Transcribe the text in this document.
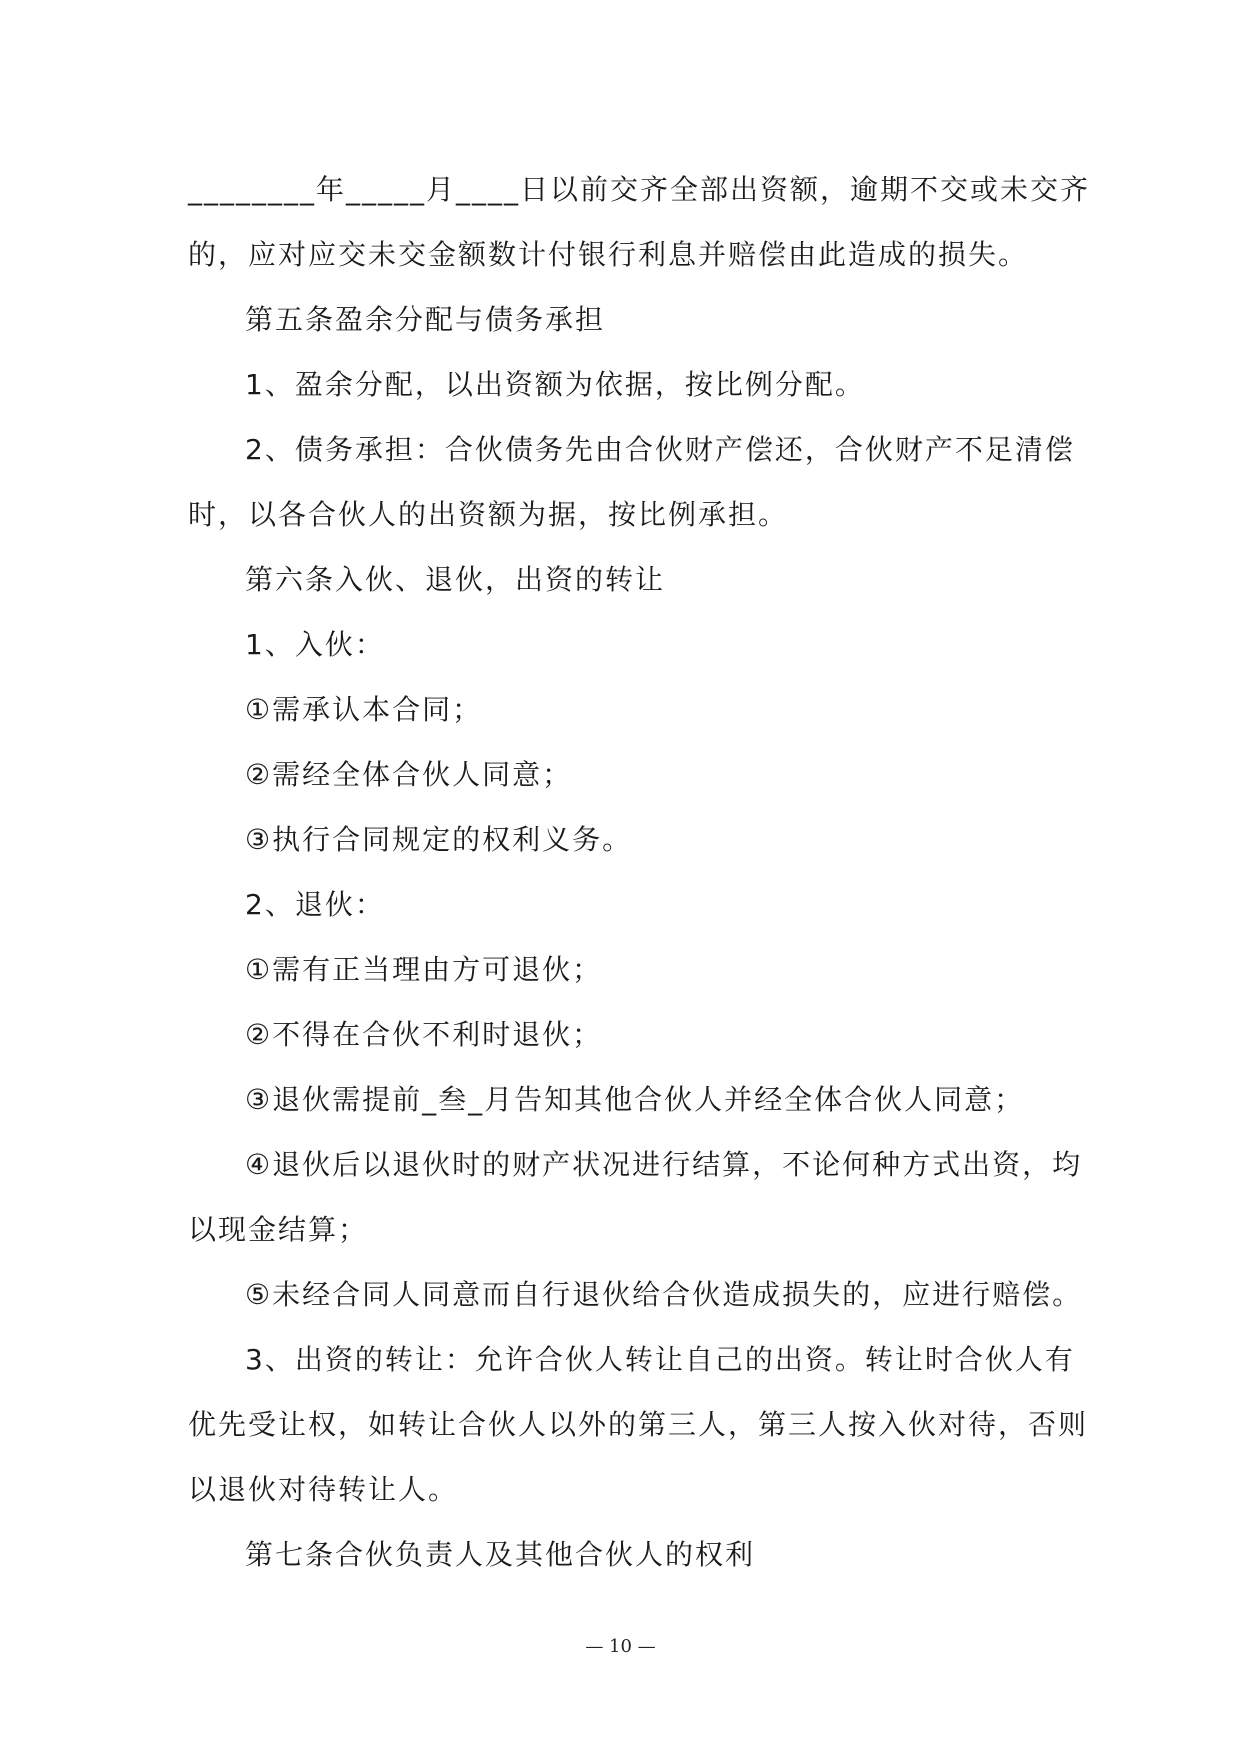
________年_____月____日以前交齐全部出资额，逾期不交或未交齐
的，应对应交未交金额数计付银行利息并赔偿由此造成的损失。
第五条盈余分配与债务承担
1、盈余分配，以出资额为依据，按比例分配。
2、债务承担：合伙债务先由合伙财产偿还，合伙财产不足清偿
时，以各合伙人的出资额为据，按比例承担。
第六条入伙、退伙，出资的转让
1、入伙：
①需承认本合同；
②需经全体合伙人同意；
③执行合同规定的权利义务。
2、退伙：
①需有正当理由方可退伙；
②不得在合伙不利时退伙；
③退伙需提前_叁_月告知其他合伙人并经全体合伙人同意；
④退伙后以退伙时的财产状况进行结算，不论何种方式出资，均
以现金结算；
⑤未经合同人同意而自行退伙给合伙造成损失的，应进行赔偿。
3、出资的转让：允许合伙人转让自己的出资。转让时合伙人有
优先受让权，如转让合伙人以外的第三人，第三人按入伙对待，否则
以退伙对待转让人。
第七条合伙负责人及其他合伙人的权利
— 10 —
